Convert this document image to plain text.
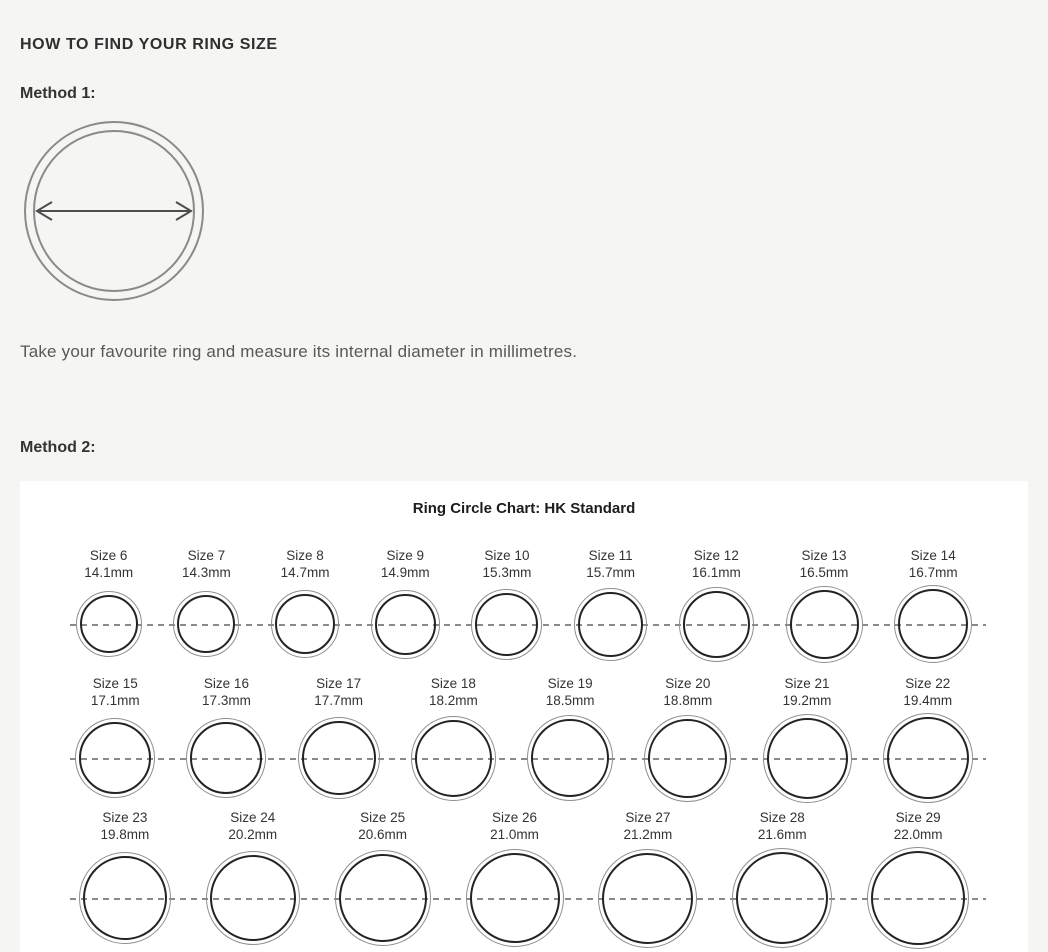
HOW TO FIND YOUR RING SIZE
Method 1:

Take your favourite ring and measure its internal diameter in millimetres.

Method 2:
Ring Circle Chart: HK Standard
Size 6
14.1mm
Size 7
14.3mm
Size 8
14.7mm
Size 9
14.9mm
Size 10
15.3mm
Size 11
15.7mm
Size 12
16.1mm
Size 13
16.5mm
Size 14
16.7mm
Size 15
17.1mm
Size 16
17.3mm
Size 17
17.7mm
Size 18
18.2mm
Size 19
18.5mm
Size 20
18.8mm
Size 21
19.2mm
Size 22
19.4mm
Size 23
19.8mm
Size 24
20.2mm
Size 25
20.6mm
Size 26
21.0mm
Size 27
21.2mm
Size 28
21.6mm
Size 29
22.0mm
